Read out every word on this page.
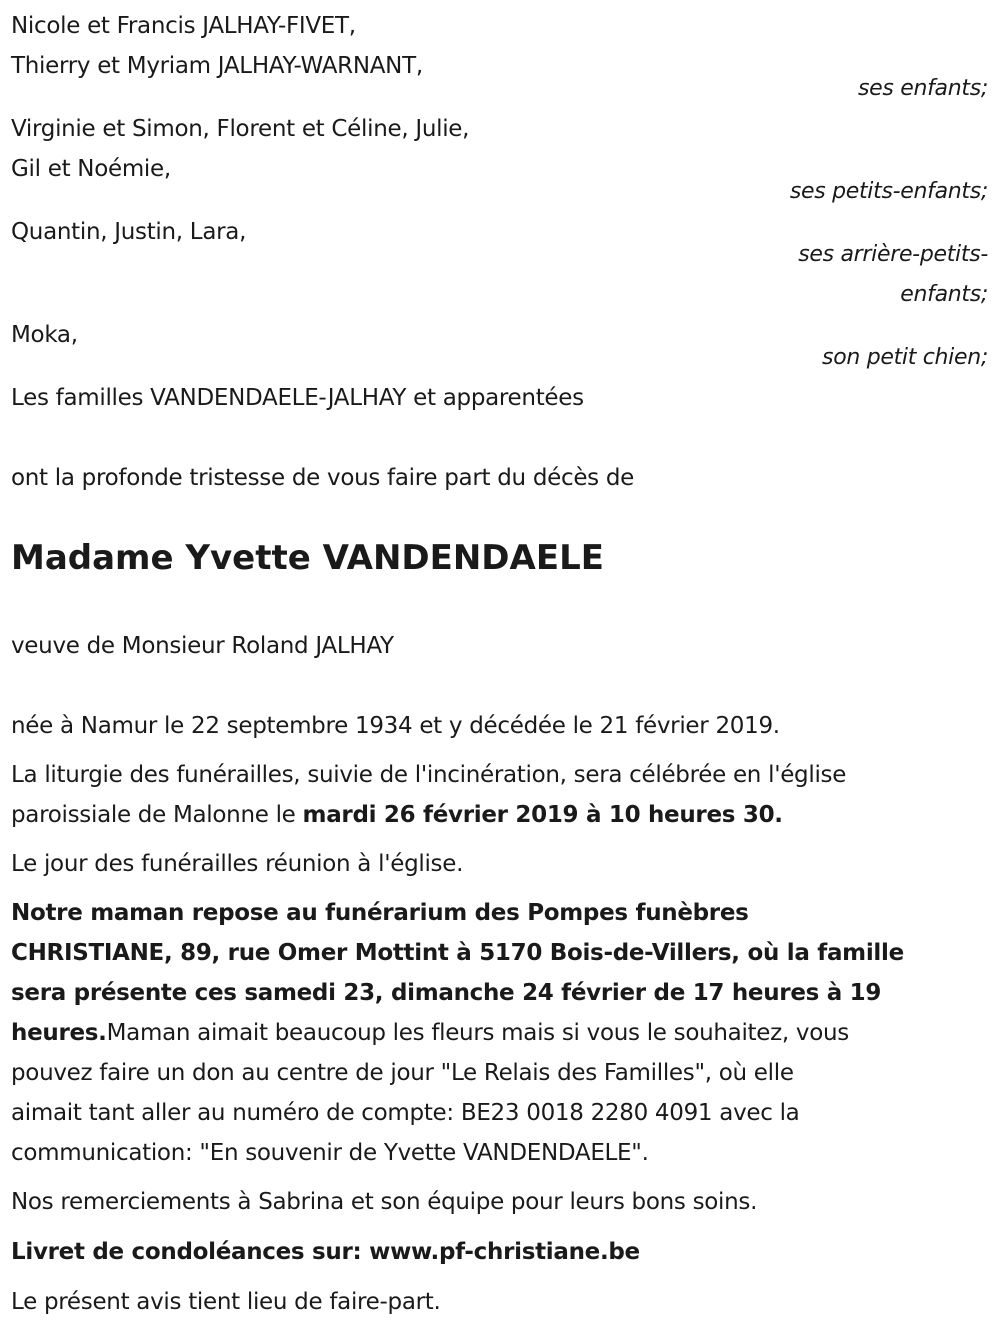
Nicole et Francis JALHAY-FIVET,
Thierry et Myriam JALHAY-WARNANT,
ses enfants;
Virginie et Simon, Florent et Céline, Julie,
Gil et Noémie,
ses petits-enfants;
Quantin, Justin, Lara,
ses arrière-petits-
enfants;
Moka,
son petit chien;
Les familles VANDENDAELE-JALHAY et apparentées
ont la profonde tristesse de vous faire part du décès de
Madame Yvette VANDENDAELE
veuve de Monsieur Roland JALHAY
née à Namur le 22 septembre 1934 et y décédée le 21 février 2019.
La liturgie des funérailles, suivie de l'incinération, sera célébrée en l'église
paroissiale de Malonne le mardi 26 février 2019 à 10 heures 30.
Le jour des funérailles réunion à l'église.
Notre maman repose au funérarium des Pompes funèbres
CHRISTIANE, 89, rue Omer Mottint à 5170 Bois-de-Villers, où la famille
sera présente ces samedi 23, dimanche 24 février de 17 heures à 19
heures.Maman aimait beaucoup les fleurs mais si vous le souhaitez, vous
pouvez faire un don au centre de jour "Le Relais des Familles", où elle
aimait tant aller au numéro de compte: BE23 0018 2280 4091 avec la
communication: "En souvenir de Yvette VANDENDAELE".
Nos remerciements à Sabrina et son équipe pour leurs bons soins.
Livret de condoléances sur: www.pf-christiane.be
Le présent avis tient lieu de faire-part.
